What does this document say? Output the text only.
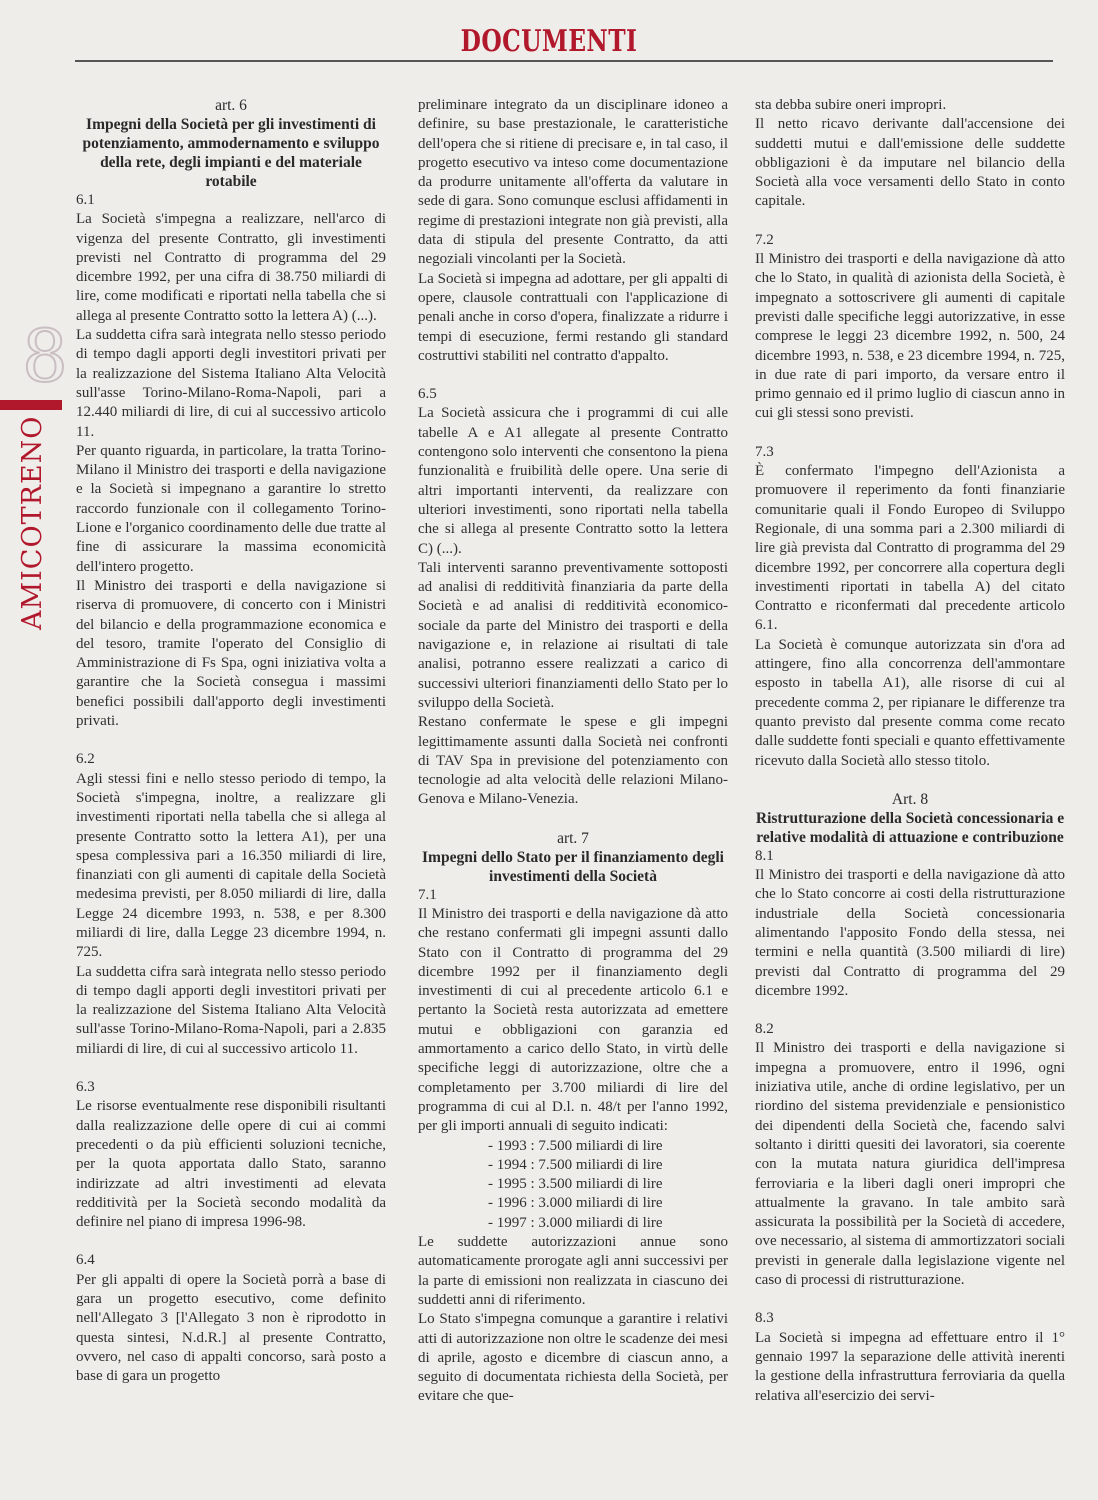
DOCUMENTI
8
AMICOTRENO
art. 6
Impegni della Società per gli investimenti di potenziamento, ammodernamento e sviluppo della rete, degli impianti e del materiale rotabile

6.1

La Società s'impegna a realizzare, nell'arco di vigenza del presente Contratto, gli investimenti previsti nel Contratto di programma del 29 dicembre 1992, per una cifra di 38.750 miliardi di lire, come modificati e riportati nella tabella che si allega al presente Contratto sotto la lettera A) (...).

La suddetta cifra sarà integrata nello stesso periodo di tempo dagli apporti degli investitori privati per la realizzazione del Sistema Italiano Alta Velocità sull'asse Torino-Milano-Roma-Napoli, pari a 12.440 miliardi di lire, di cui al successivo articolo 11.

Per quanto riguarda, in particolare, la tratta Torino-Milano il Ministro dei trasporti e della navigazione e la Società si impegnano a garantire lo stretto raccordo funzionale con il collegamento Torino-Lione e l'organico coordinamento delle due tratte al fine di assicurare la massima economicità dell'intero progetto.

Il Ministro dei trasporti e della navigazione si riserva di promuovere, di concerto con i Ministri del bilancio e della programmazione economica e del tesoro, tramite l'operato del Consiglio di Amministrazione di Fs Spa, ogni iniziativa volta a garantire che la Società consegua i massimi benefici possibili dall'apporto degli investimenti privati.

6.2

Agli stessi fini e nello stesso periodo di tempo, la Società s'impegna, inoltre, a realizzare gli investimenti riportati nella tabella che si allega al presente Contratto sotto la lettera A1), per una spesa complessiva pari a 16.350 miliardi di lire, finanziati con gli aumenti di capitale della Società medesima previsti, per 8.050 miliardi di lire, dalla Legge 24 dicembre 1993, n. 538, e per 8.300 miliardi di lire, dalla Legge 23 dicembre 1994, n. 725.

La suddetta cifra sarà integrata nello stesso periodo di tempo dagli apporti degli investitori privati per la realizzazione del Sistema Italiano Alta Velocità sull'asse Torino-Milano-Roma-Napoli, pari a 2.835 miliardi di lire, di cui al successivo articolo 11.

6.3

Le risorse eventualmente rese disponibili risultanti dalla realizzazione delle opere di cui ai commi precedenti o da più efficienti soluzioni tecniche, per la quota apportata dallo Stato, saranno indirizzate ad altri investimenti ad elevata redditività per la Società secondo modalità da definire nel piano di impresa 1996-98.

6.4

Per gli appalti di opere la Società porrà a base di gara un progetto esecutivo, come definito nell'Allegato 3 [l'Allegato 3 non è riprodotto in questa sintesi, N.d.R.] al presente Contratto, ovvero, nel caso di appalti concorso, sarà posto a base di gara un progetto

preliminare integrato da un disciplinare idoneo a definire, su base prestazionale, le caratteristiche dell'opera che si ritiene di precisare e, in tal caso, il progetto esecutivo va inteso come documentazione da produrre unitamente all'offerta da valutare in sede di gara. Sono comunque esclusi affidamenti in regime di prestazioni integrate non già previsti, alla data di stipula del presente Contratto, da atti negoziali vincolanti per la Società.

La Società si impegna ad adottare, per gli appalti di opere, clausole contrattuali con l'applicazione di penali anche in corso d'opera, finalizzate a ridurre i tempi di esecuzione, fermi restando gli standard costruttivi stabiliti nel contratto d'appalto.

6.5

La Società assicura che i programmi di cui alle tabelle A e A1 allegate al presente Contratto contengono solo interventi che consentono la piena funzionalità e fruibilità delle opere. Una serie di altri importanti interventi, da realizzare con ulteriori investimenti, sono riportati nella tabella che si allega al presente Contratto sotto la lettera C) (...).

Tali interventi saranno preventivamente sottoposti ad analisi di redditività finanziaria da parte della Società e ad analisi di redditività economico-sociale da parte del Ministro dei trasporti e della navigazione e, in relazione ai risultati di tale analisi, potranno essere realizzati a carico di successivi ulteriori finanziamenti dello Stato per lo sviluppo della Società.

Restano confermate le spese e gli impegni legittimamente assunti dalla Società nei confronti di TAV Spa in previsione del potenziamento con tecnologie ad alta velocità delle relazioni Milano-Genova e Milano-Venezia.

art. 7
Impegni dello Stato per il finanziamento degli investimenti della Società

7.1

Il Ministro dei trasporti e della navigazione dà atto che restano confermati gli impegni assunti dallo Stato con il Contratto di programma del 29 dicembre 1992 per il finanziamento degli investimenti di cui al precedente articolo 6.1 e pertanto la Società resta autorizzata ad emettere mutui e obbligazioni con garanzia ed ammortamento a carico dello Stato, in virtù delle specifiche leggi di autorizzazione, oltre che a completamento per 3.700 miliardi di lire del programma di cui al D.l. n. 48/t per l'anno 1992, per gli importi annuali di seguito indicati:

- 1993 : 7.500 miliardi di lire
- 1994 : 7.500 miliardi di lire
- 1995 : 3.500 miliardi di lire
- 1996 : 3.000 miliardi di lire
- 1997 : 3.000 miliardi di lire

Le suddette autorizzazioni annue sono automaticamente prorogate agli anni successivi per la parte di emissioni non realizzata in ciascuno dei suddetti anni di riferimento.

Lo Stato s'impegna comunque a garantire i relativi atti di autorizzazione non oltre le scadenze dei mesi di aprile, agosto e dicembre di ciascun anno, a seguito di documentata richiesta della Società, per evitare che que-

sta debba subire oneri impropri.

Il netto ricavo derivante dall'accensione dei suddetti mutui e dall'emissione delle suddette obbligazioni è da imputare nel bilancio della Società alla voce versamenti dello Stato in conto capitale.

7.2

Il Ministro dei trasporti e della navigazione dà atto che lo Stato, in qualità di azionista della Società, è impegnato a sottoscrivere gli aumenti di capitale previsti dalle specifiche leggi autorizzative, in esse comprese le leggi 23 dicembre 1992, n. 500, 24 dicembre 1993, n. 538, e 23 dicembre 1994, n. 725, in due rate di pari importo, da versare entro il primo gennaio ed il primo luglio di ciascun anno in cui gli stessi sono previsti.

7.3

È confermato l'impegno dell'Azionista a promuovere il reperimento da fonti finanziarie comunitarie quali il Fondo Europeo di Sviluppo Regionale, di una somma pari a 2.300 miliardi di lire già prevista dal Contratto di programma del 29 dicembre 1992, per concorrere alla copertura degli investimenti riportati in tabella A) del citato Contratto e riconfermati dal precedente articolo 6.1.

La Società è comunque autorizzata sin d'ora ad attingere, fino alla concorrenza dell'ammontare esposto in tabella A1), alle risorse di cui al precedente comma 2, per ripianare le differenze tra quanto previsto dal presente comma come recato dalle suddette fonti speciali e quanto effettivamente ricevuto dalla Società allo stesso titolo.

Art. 8
Ristrutturazione della Società concessionaria e relative modalità di attuazione e contribuzione

8.1

Il Ministro dei trasporti e della navigazione dà atto che lo Stato concorre ai costi della ristrutturazione industriale della Società concessionaria alimentando l'apposito Fondo della stessa, nei termini e nella quantità (3.500 miliardi di lire) previsti dal Contratto di programma del 29 dicembre 1992.

8.2

Il Ministro dei trasporti e della navigazione si impegna a promuovere, entro il 1996, ogni iniziativa utile, anche di ordine legislativo, per un riordino del sistema previdenziale e pensionistico dei dipendenti della Società che, facendo salvi soltanto i diritti quesiti dei lavoratori, sia coerente con la mutata natura giuridica dell'impresa ferroviaria e la liberi dagli oneri impropri che attualmente la gravano. In tale ambito sarà assicurata la possibilità per la Società di accedere, ove necessario, al sistema di ammortizzatori sociali previsti in generale dalla legislazione vigente nel caso di processi di ristrutturazione.

8.3

La Società si impegna ad effettuare entro il 1° gennaio 1997 la separazione delle attività inerenti la gestione della infrastruttura ferroviaria da quella relativa all'esercizio dei servi-
